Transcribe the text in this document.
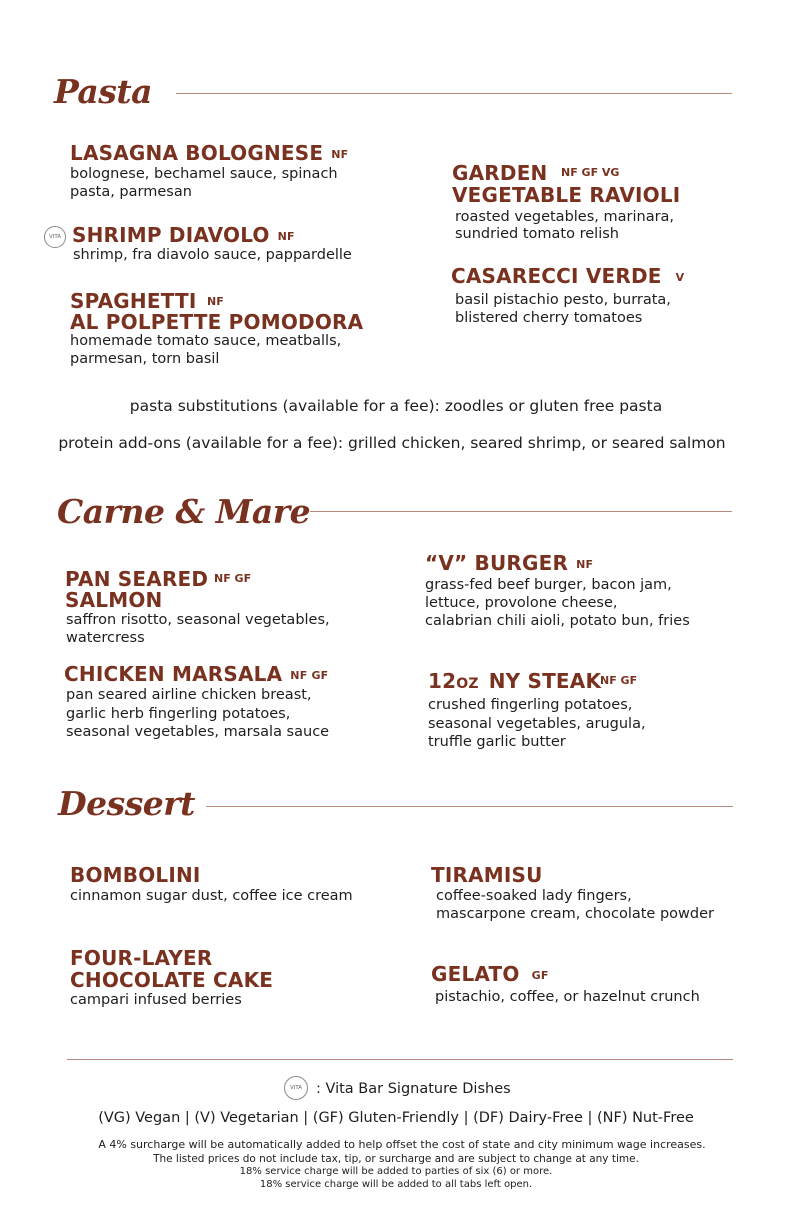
Pasta
LASAGNA BOLOGNESE $^{NF}$
bolognese, bechamel sauce, spinach
pasta, parmesan
VITA SHRIMP DIAVOLO $^{NF}$
shrimp, fra diavolo sauce, pappardelle
SPAGHETTI NF
AL POLPETTE POMODORA
homemade tomato sauce, meatballs,
parmesan, torn basil
GARDEN NF GF VG
VEGETABLE RAVIOLI
roasted vegetables, marinara,
sundried tomato relish
CASARECCI VERDE $^V$
basil pistachio pesto, burrata,
blistered cherry tomatoes
pasta substitutions (available for a fee): zoodles or gluten free pasta
protein add-ons (available for a fee): grilled chicken, seared shrimp, or seared salmon
Carne & Mare
PAN SEARED NF GF
SALMON
saffron risotto, seasonal vegetables,
watercress
CHICKEN MARSALA $^{NF GF}$
pan seared airline chicken breast,
garlic herb fingerling potatoes,
seasonal vegetables, marsala sauce
“V” BURGER $^{NF}$
grass-fed beef burger, bacon jam,
lettuce, provolone cheese,
calabrian chili aioli, potato bun, fries
12OZ NY STEAK
NF GF
crushed fingerling potatoes,
seasonal vegetables, arugula,
truffle garlic butter
Dessert
BOMBOLINI
cinnamon sugar dust, coffee ice cream
FOUR-LAYER
CHOCOLATE CAKE
campari infused berries
TIRAMISU
coffee-soaked lady fingers,
mascarpone cream, chocolate powder
GELATO $^{GF}$
pistachio, coffee, or hazelnut crunch
VITA : Vita Bar Signature Dishes
(VG) Vegan | (V) Vegetarian | (GF) Gluten-Friendly | (DF) Dairy-Free | (NF) Nut-Free
A 4% surcharge will be automatically added to help offset the cost of state and city minimum wage increases.
The listed prices do not include tax, tip, or surcharge and are subject to change at any time.
18% service charge will be added to parties of six (6) or more.
18% service charge will be added to all tabs left open.
